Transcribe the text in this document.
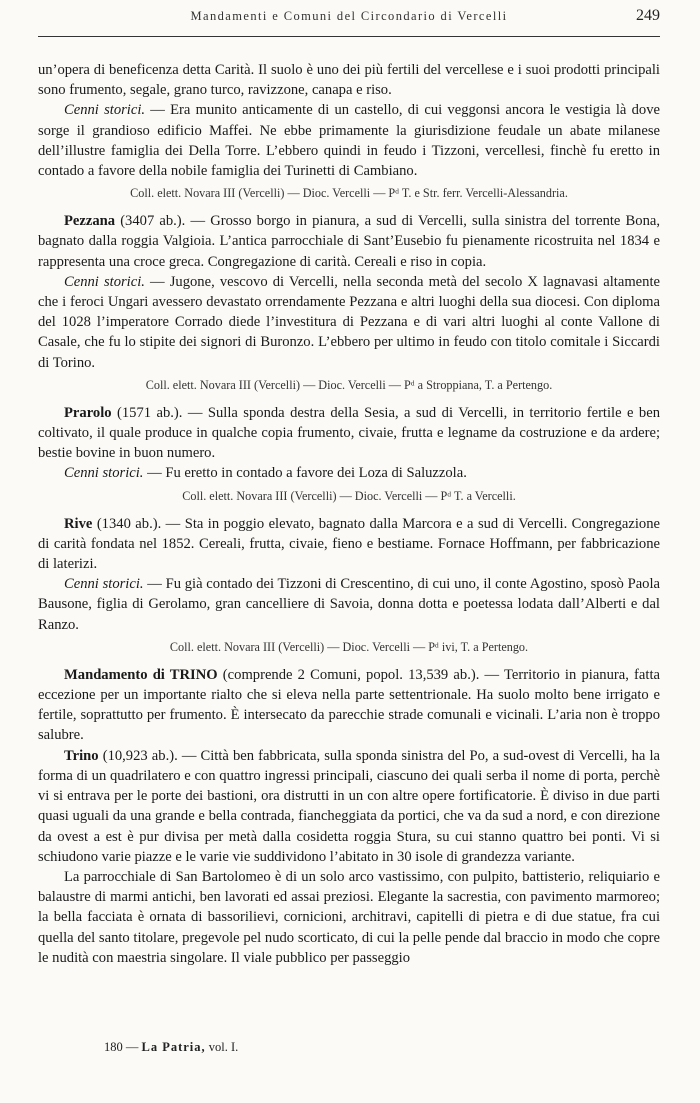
Mandamenti e Comuni del Circondario di Vercelli	249

un’opera di beneficenza detta Carità. Il suolo è uno dei più fertili del vercellese e i suoi prodotti principali sono frumento, segale, grano turco, ravizzone, canapa e riso.

Cenni storici. — Era munito anticamente di un castello, di cui veggonsi ancora le vestigia là dove sorge il grandioso edificio Maffei. Ne ebbe primamente la giurisdizione feudale un abate milanese dell’illustre famiglia dei Della Torre. L’ebbero quindi in feudo i Tizzoni, vercellesi, finchè fu eretto in contado a favore della nobile famiglia dei Turinetti di Cambiano.

Coll. elett. Novara III (Vercelli) — Dioc. Vercelli — Pᵈ T. e Str. ferr. Vercelli-Alessandria.

Pezzana (3407 ab.). — Grosso borgo in pianura, a sud di Vercelli, sulla sinistra del torrente Bona, bagnato dalla roggia Valgioia. L’antica parrocchiale di Sant’Eusebio fu pienamente ricostruita nel 1834 e rappresenta una croce greca. Congregazione di carità. Cereali e riso in copia.

Cenni storici. — Jugone, vescovo di Vercelli, nella seconda metà del secolo X lagnavasi altamente che i feroci Ungari avessero devastato orrendamente Pezzana e altri luoghi della sua diocesi. Con diploma del 1028 l’imperatore Corrado diede l’investitura di Pezzana e di vari altri luoghi al conte Vallone di Casale, che fu lo stipite dei signori di Buronzo. L’ebbero per ultimo in feudo con titolo comitale i Siccardi di Torino.

Coll. elett. Novara III (Vercelli) — Dioc. Vercelli — Pᵈ a Stroppiana, T. a Pertengo.

Prarolo (1571 ab.). — Sulla sponda destra della Sesia, a sud di Vercelli, in territorio fertile e ben coltivato, il quale produce in qualche copia frumento, civaie, frutta e legname da costruzione e da ardere; bestie bovine in buon numero.

Cenni storici. — Fu eretto in contado a favore dei Loza di Saluzzola.

Coll. elett. Novara III (Vercelli) — Dioc. Vercelli — Pᵈ T. a Vercelli.

Rive (1340 ab.). — Sta in poggio elevato, bagnato dalla Marcora e a sud di Vercelli. Congregazione di carità fondata nel 1852. Cereali, frutta, civaie, fieno e bestiame. Fornace Hoffmann, per fabbricazione di laterizi.

Cenni storici. — Fu già contado dei Tizzoni di Crescentino, di cui uno, il conte Agostino, sposò Paola Bausone, figlia di Gerolamo, gran cancelliere di Savoia, donna dotta e poetessa lodata dall’Alberti e dal Ranzo.

Coll. elett. Novara III (Vercelli) — Dioc. Vercelli — Pᵈ ivi, T. a Pertengo.

Mandamento di TRINO (comprende 2 Comuni, popol. 13,539 ab.). — Territorio in pianura, fatta eccezione per un importante rialto che si eleva nella parte settentrionale. Ha suolo molto bene irrigato e fertile, soprattutto per frumento. È intersecato da parecchie strade comunali e vicinali. L’aria non è troppo salubre.

Trino (10,923 ab.). — Città ben fabbricata, sulla sponda sinistra del Po, a sud-ovest di Vercelli, ha la forma di un quadrilatero e con quattro ingressi principali, ciascuno dei quali serba il nome di porta, perchè vi si entrava per le porte dei bastioni, ora distrutti in un con altre opere fortificatorie. È diviso in due parti quasi uguali da una grande e bella contrada, fiancheggiata da portici, che va da sud a nord, e con direzione da ovest a est è pur divisa per metà dalla cosidetta roggia Stura, su cui stanno quattro bei ponti. Vi si schiudono varie piazze e le varie vie suddividono l’abitato in 30 isole di grandezza variante.

La parrocchiale di San Bartolomeo è di un solo arco vastissimo, con pulpito, battisterio, reliquiario e balaustre di marmi antichi, ben lavorati ed assai preziosi. Elegante la sacrestia, con pavimento marmoreo; la bella facciata è ornata di bassorilievi, cornicioni, architravi, capitelli di pietra e di due statue, fra cui quella del santo titolare, pregevole pel nudo scorticato, di cui la pelle pende dal braccio in modo che copre le nudità con maestria singolare. Il viale pubblico per passeggio

180 — La Patria, vol. I.
